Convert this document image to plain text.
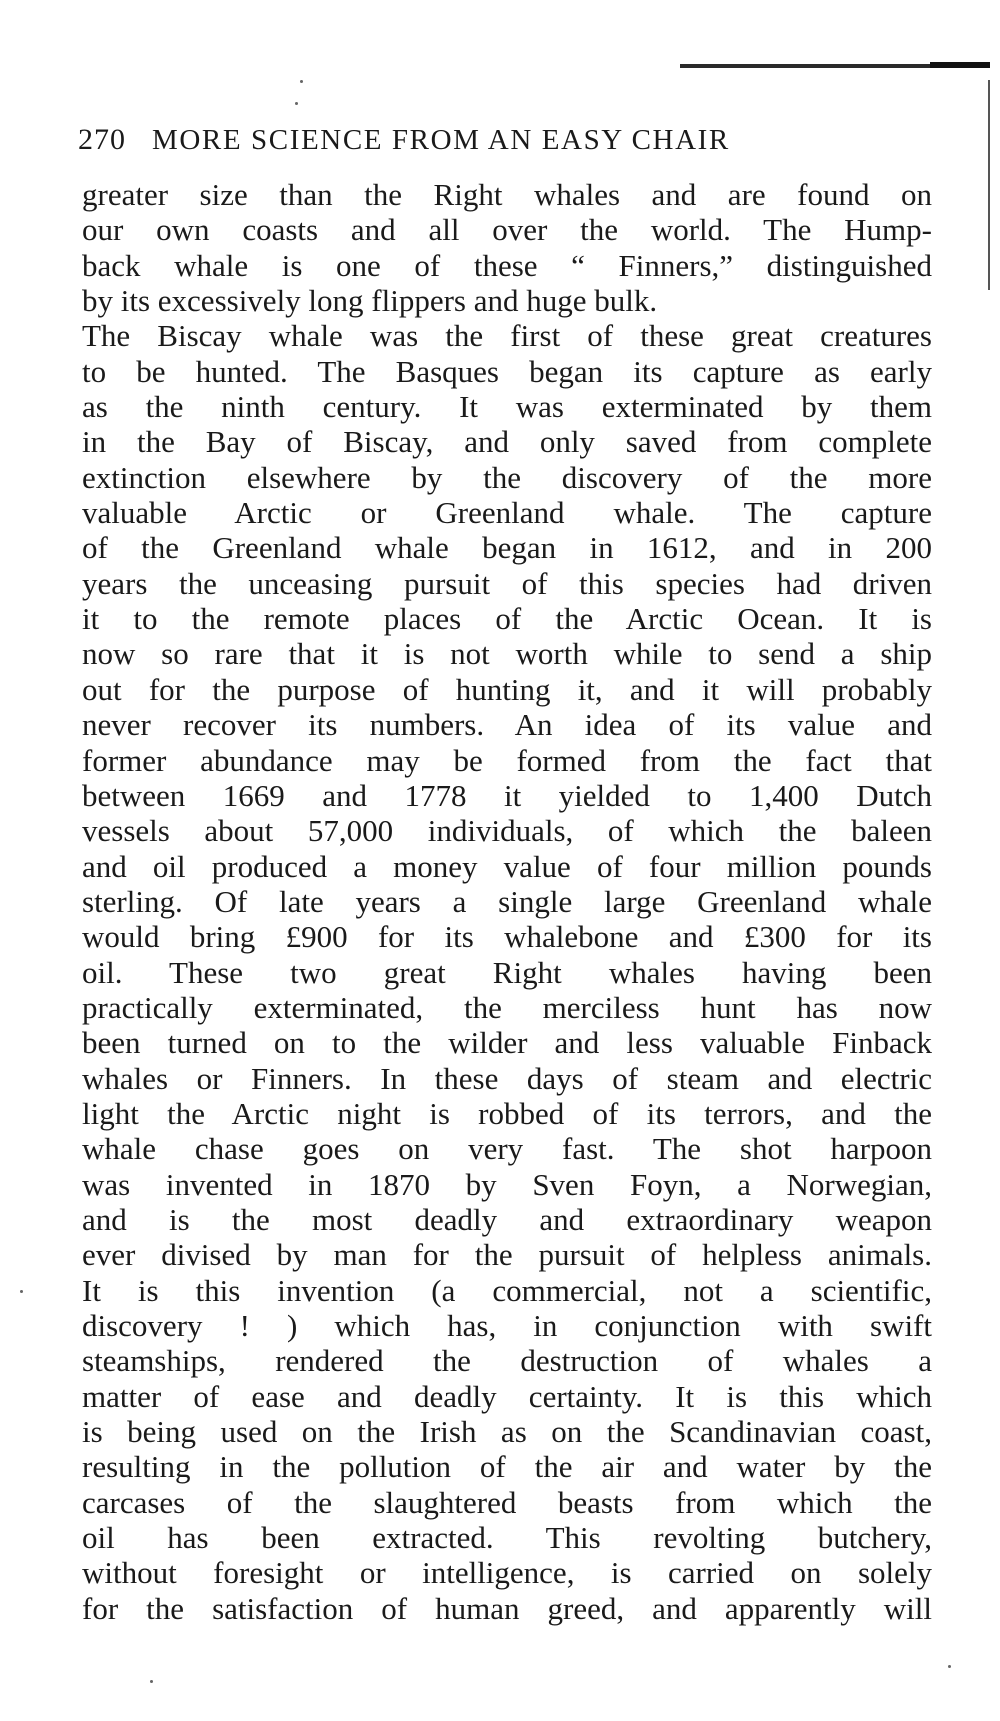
270 MORE SCIENCE FROM AN EASY CHAIR
greater size than the Right whales and are found on
our own coasts and all over the world. The Hump-
back whale is one of these “ Finners,” distinguished
by its excessively long flippers and huge bulk.
The Biscay whale was the first of these great creatures
to be hunted. The Basques began its capture as early
as the ninth century. It was exterminated by them
in the Bay of Biscay, and only saved from complete
extinction elsewhere by the discovery of the more
valuable Arctic or Greenland whale. The capture
of the Greenland whale began in 1612, and in 200
years the unceasing pursuit of this species had driven
it to the remote places of the Arctic Ocean. It is
now so rare that it is not worth while to send a ship
out for the purpose of hunting it, and it will probably
never recover its numbers. An idea of its value and
former abundance may be formed from the fact that
between 1669 and 1778 it yielded to 1,400 Dutch
vessels about 57,000 individuals, of which the baleen
and oil produced a money value of four million pounds
sterling. Of late years a single large Greenland whale
would bring £900 for its whalebone and £300 for its
oil. These two great Right whales having been
practically exterminated, the merciless hunt has now
been turned on to the wilder and less valuable Finback
whales or Finners. In these days of steam and electric
light the Arctic night is robbed of its terrors, and the
whale chase goes on very fast. The shot harpoon
was invented in 1870 by Sven Foyn, a Norwegian,
and is the most deadly and extraordinary weapon
ever divised by man for the pursuit of helpless animals.
It is this invention (a commercial, not a scientific,
discovery ! ) which has, in conjunction with swift
steamships, rendered the destruction of whales a
matter of ease and deadly certainty. It is this which
is being used on the Irish as on the Scandinavian coast,
resulting in the pollution of the air and water by the
carcases of the slaughtered beasts from which the
oil has been extracted. This revolting butchery,
without foresight or intelligence, is carried on solely
for the satisfaction of human greed, and apparently will
